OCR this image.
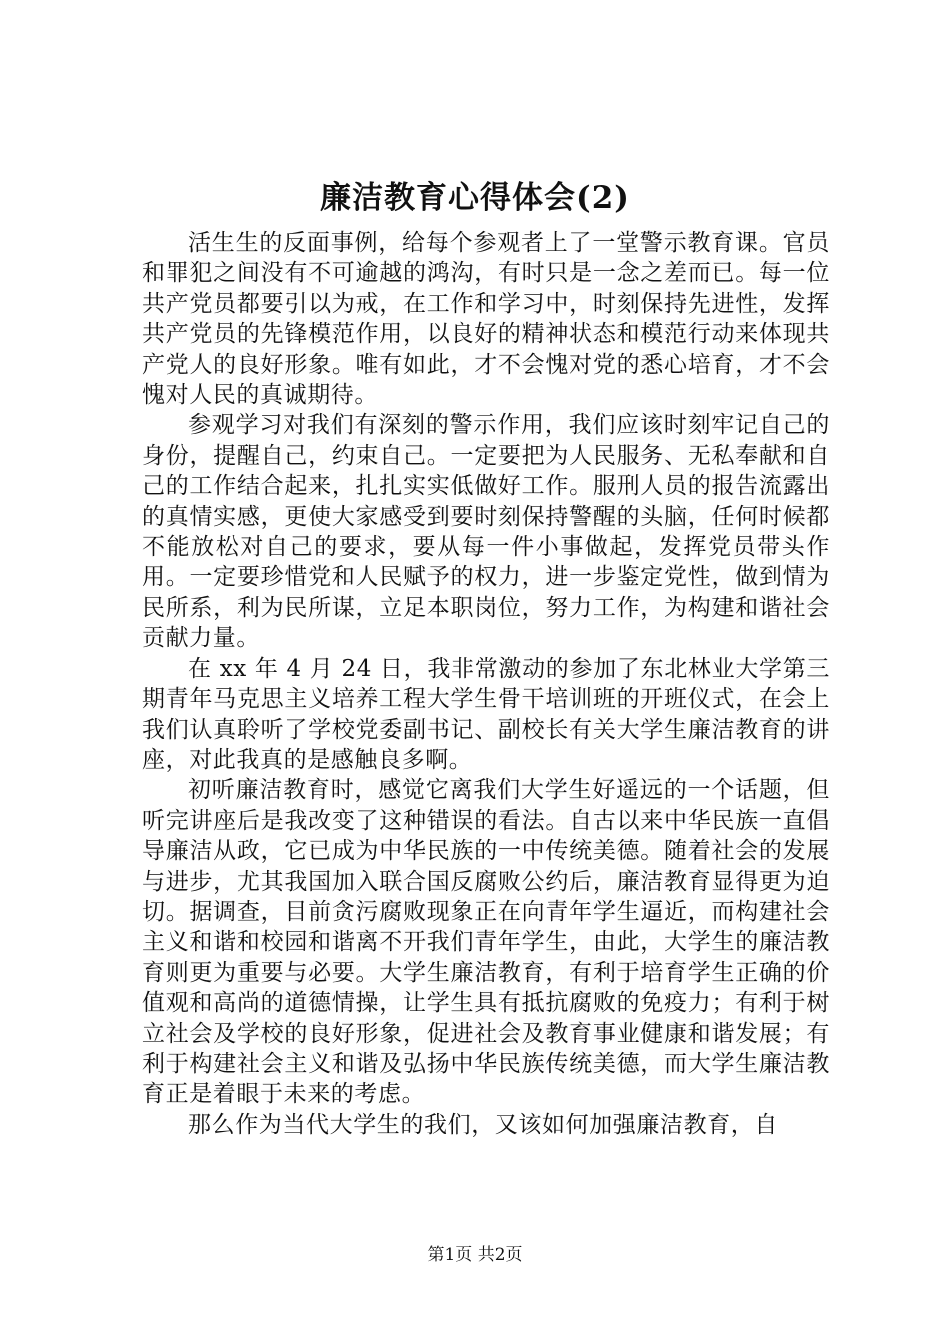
廉洁教育心得体会(2)

活生生的反面事例，给每个参观者上了一堂警示教育课。官员和罪犯之间没有不可逾越的鸿沟，有时只是一念之差而已。每一位共产党员都要引以为戒，在工作和学习中，时刻保持先进性，发挥共产党员的先锋模范作用，以良好的精神状态和模范行动来体现共产党人的良好形象。唯有如此，才不会愧对党的悉心培育，才不会愧对人民的真诚期待。

参观学习对我们有深刻的警示作用，我们应该时刻牢记自己的身份，提醒自己，约束自己。一定要把为人民服务、无私奉献和自己的工作结合起来，扎扎实实低做好工作。服刑人员的报告流露出的真情实感，更使大家感受到要时刻保持警醒的头脑，任何时候都不能放松对自己的要求，要从每一件小事做起，发挥党员带头作用。一定要珍惜党和人民赋予的权力，进一步鉴定党性，做到情为民所系，利为民所谋，立足本职岗位，努力工作，为构建和谐社会贡献力量。

在 xx 年 4 月 24 日，我非常激动的参加了东北林业大学第三期青年马克思主义培养工程大学生骨干培训班的开班仪式，在会上我们认真聆听了学校党委副书记、副校长有关大学生廉洁教育的讲座，对此我真的是感触良多啊。

初听廉洁教育时，感觉它离我们大学生好遥远的一个话题，但听完讲座后是我改变了这种错误的看法。自古以来中华民族一直倡导廉洁从政，它已成为中华民族的一中传统美德。随着社会的发展与进步，尤其我国加入联合国反腐败公约后，廉洁教育显得更为迫切。据调查，目前贪污腐败现象正在向青年学生逼近，而构建社会主义和谐和校园和谐离不开我们青年学生，由此，大学生的廉洁教育则更为重要与必要。大学生廉洁教育，有利于培育学生正确的价值观和高尚的道德情操，让学生具有抵抗腐败的免疫力；有利于树立社会及学校的良好形象，促进社会及教育事业健康和谐发展；有利于构建社会主义和谐及弘扬中华民族传统美德，而大学生廉洁教育正是着眼于未来的考虑。

那么作为当代大学生的我们，又该如何加强廉洁教育，自

第1页 共2页
